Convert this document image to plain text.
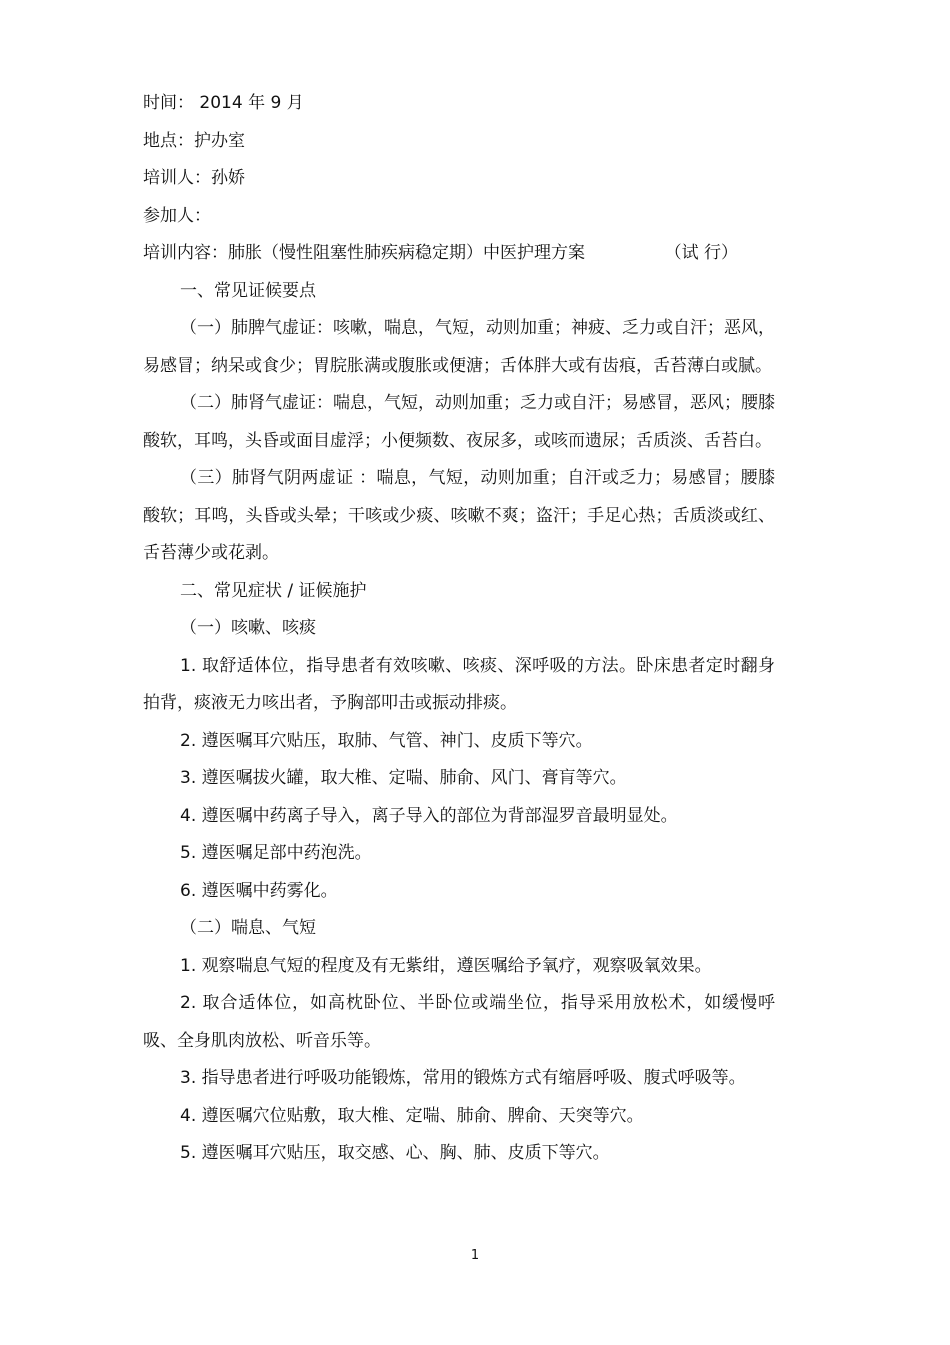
时间： 2014 年 9 月
地点：护办室
培训人：孙娇
参加人：
培训内容：肺胀（慢性阻塞性肺疾病稳定期）中医护理方案	（试 行）
一、常见证候要点
（一）肺脾气虚证：咳嗽，喘息，气短，动则加重；神疲、乏力或自汗；恶风，易感冒；纳呆或食少；胃脘胀满或腹胀或便溏；舌体胖大或有齿痕，舌苔薄白或腻。
（二）肺肾气虚证：喘息，气短，动则加重；乏力或自汗；易感冒，恶风；腰膝酸软，耳鸣，头昏或面目虚浮；小便频数、夜尿多，或咳而遗尿；舌质淡、舌苔白。
（三）肺肾气阴两虚证 ：喘息，气短，动则加重；自汗或乏力；易感冒；腰膝酸软；耳鸣，头昏或头晕；干咳或少痰、咳嗽不爽；盗汗；手足心热；舌质淡或红、舌苔薄少或花剥。
二、常见症状 / 证候施护
（一）咳嗽、咳痰
1. 取舒适体位，指导患者有效咳嗽、咳痰、深呼吸的方法。卧床患者定时翻身拍背，痰液无力咳出者，予胸部叩击或振动排痰。
2. 遵医嘱耳穴贴压，取肺、气管、神门、皮质下等穴。
3. 遵医嘱拔火罐，取大椎、定喘、肺俞、风门、膏肓等穴。
4. 遵医嘱中药离子导入，离子导入的部位为背部湿罗音最明显处。
5. 遵医嘱足部中药泡洗。
6. 遵医嘱中药雾化。
（二）喘息、气短
1. 观察喘息气短的程度及有无紫绀，遵医嘱给予氧疗，观察吸氧效果。
2. 取合适体位，如高枕卧位、半卧位或端坐位，指导采用放松术，如缓慢呼吸、全身肌肉放松、听音乐等。
3. 指导患者进行呼吸功能锻炼，常用的锻炼方式有缩唇呼吸、腹式呼吸等。
4. 遵医嘱穴位贴敷，取大椎、定喘、肺俞、脾俞、天突等穴。
5. 遵医嘱耳穴贴压，取交感、心、胸、肺、皮质下等穴。
1
